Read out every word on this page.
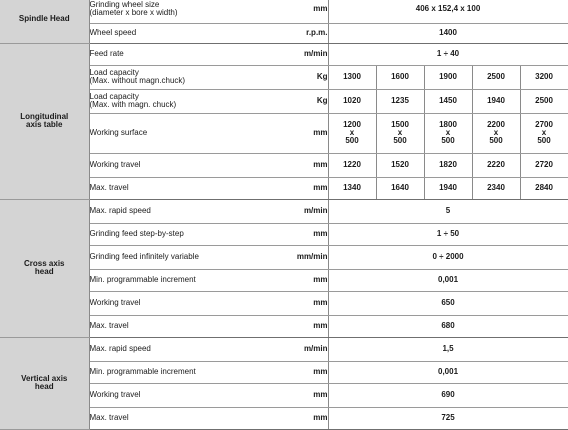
Spindle Head	Grinding wheel size
(diameter x bore x width)	mm	406 x 152,4 x 100				

	Wheel speed	r.p.m.	1400				

Longitudinal
axis table	Feed rate	m/min	1 ÷ 40				

	Load capacity
(Max. without magn.chuck)	Kg	1300	1600	1900	2500	3200

	Load capacity
(Max. with magn. chuck)	Kg	1020	1235	1450	1940	2500

	Working surface	mm	1200
x
500	1500
x
500	1800
x
500	2200
x
500	2700
x
500

	Working travel	mm	1220	1520	1820	2220	2720

	Max. travel	mm	1340	1640	1940	2340	2840

Cross axis
head	Max. rapid speed	m/min	5				

	Grinding feed step-by-step	mm	1 ÷ 50				

	Grinding feed infinitely variable	mm/min	0 ÷ 2000				

	Min. programmable increment	mm	0,001				

	Working travel	mm	650				

	Max. travel	mm	680				

Vertical axis
head	Max. rapid speed	m/min	1,5				

	Min. programmable increment	mm	0,001				

	Working travel	mm	690				

	Max. travel	mm	725				
